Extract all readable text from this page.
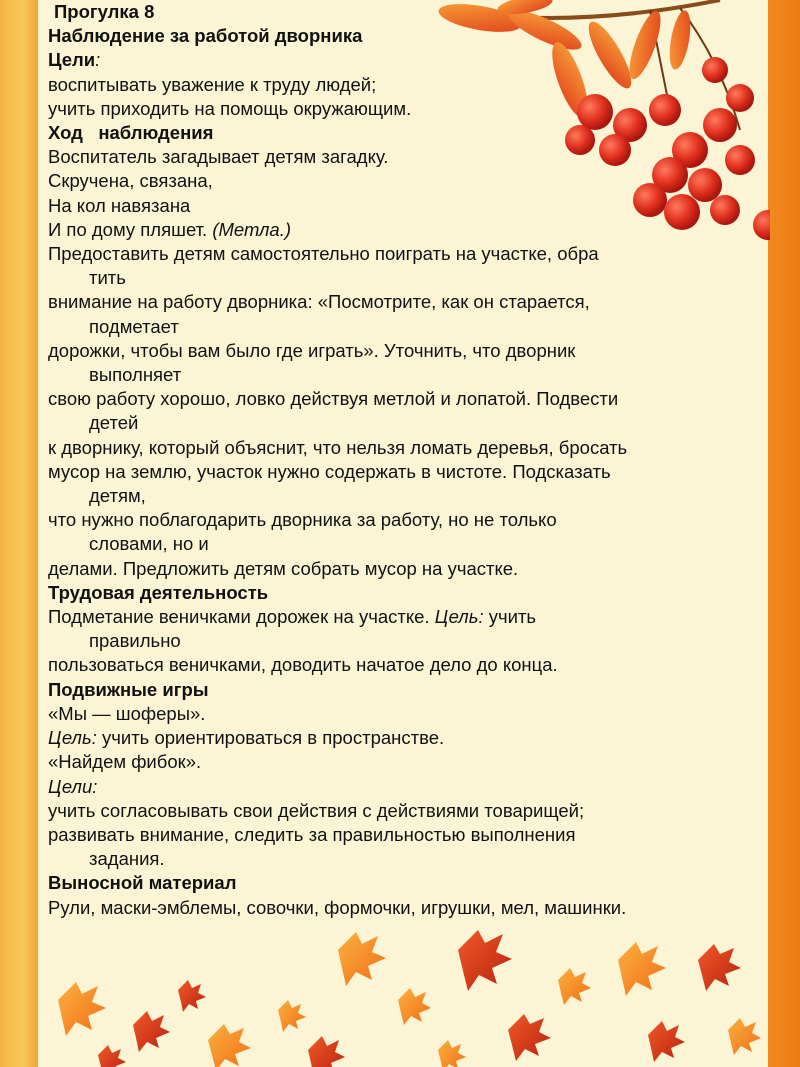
Прогулка 8
Наблюдение за работой дворника
Цели:
воспитывать уважение к труду людей;
учить приходить на помощь окружающим.
Ход   наблюдения
Воспитатель загадывает детям загадку.
Скручена, связана,
На кол навязана
И по дому пляшет. (Метла.)
Предоставить детям самостоятельно поиграть на участке, обра
тить
внимание на работу дворника: «Посмотрите, как он старается,
подметает
дорожки, чтобы вам было где играть». Уточнить, что дворник
выполняет
свою работу хорошо, ловко действуя метлой и лопатой. Подвести
детей
к дворнику, который объяснит, что нельзя ломать деревья, бросать
мусор на землю, участок нужно содержать в чистоте. Подсказать
детям,
что нужно поблагодарить дворника за работу, но не только
словами, но и
делами. Предложить детям собрать мусор на участке.
Трудовая деятельность
Подметание веничками дорожек на участке. Цель: учить
правильно
пользоваться веничками, доводить начатое дело до конца.
Подвижные игры
«Мы — шоферы».
Цель: учить ориентироваться в пространстве.
«Найдем фибок».
Цели:
учить согласовывать свои действия с действиями товарищей;
развивать внимание, следить за правильностью выполнения
задания.
Выносной материал
Рули, маски-эмблемы, совочки, формочки, игрушки, мел, машинки.
